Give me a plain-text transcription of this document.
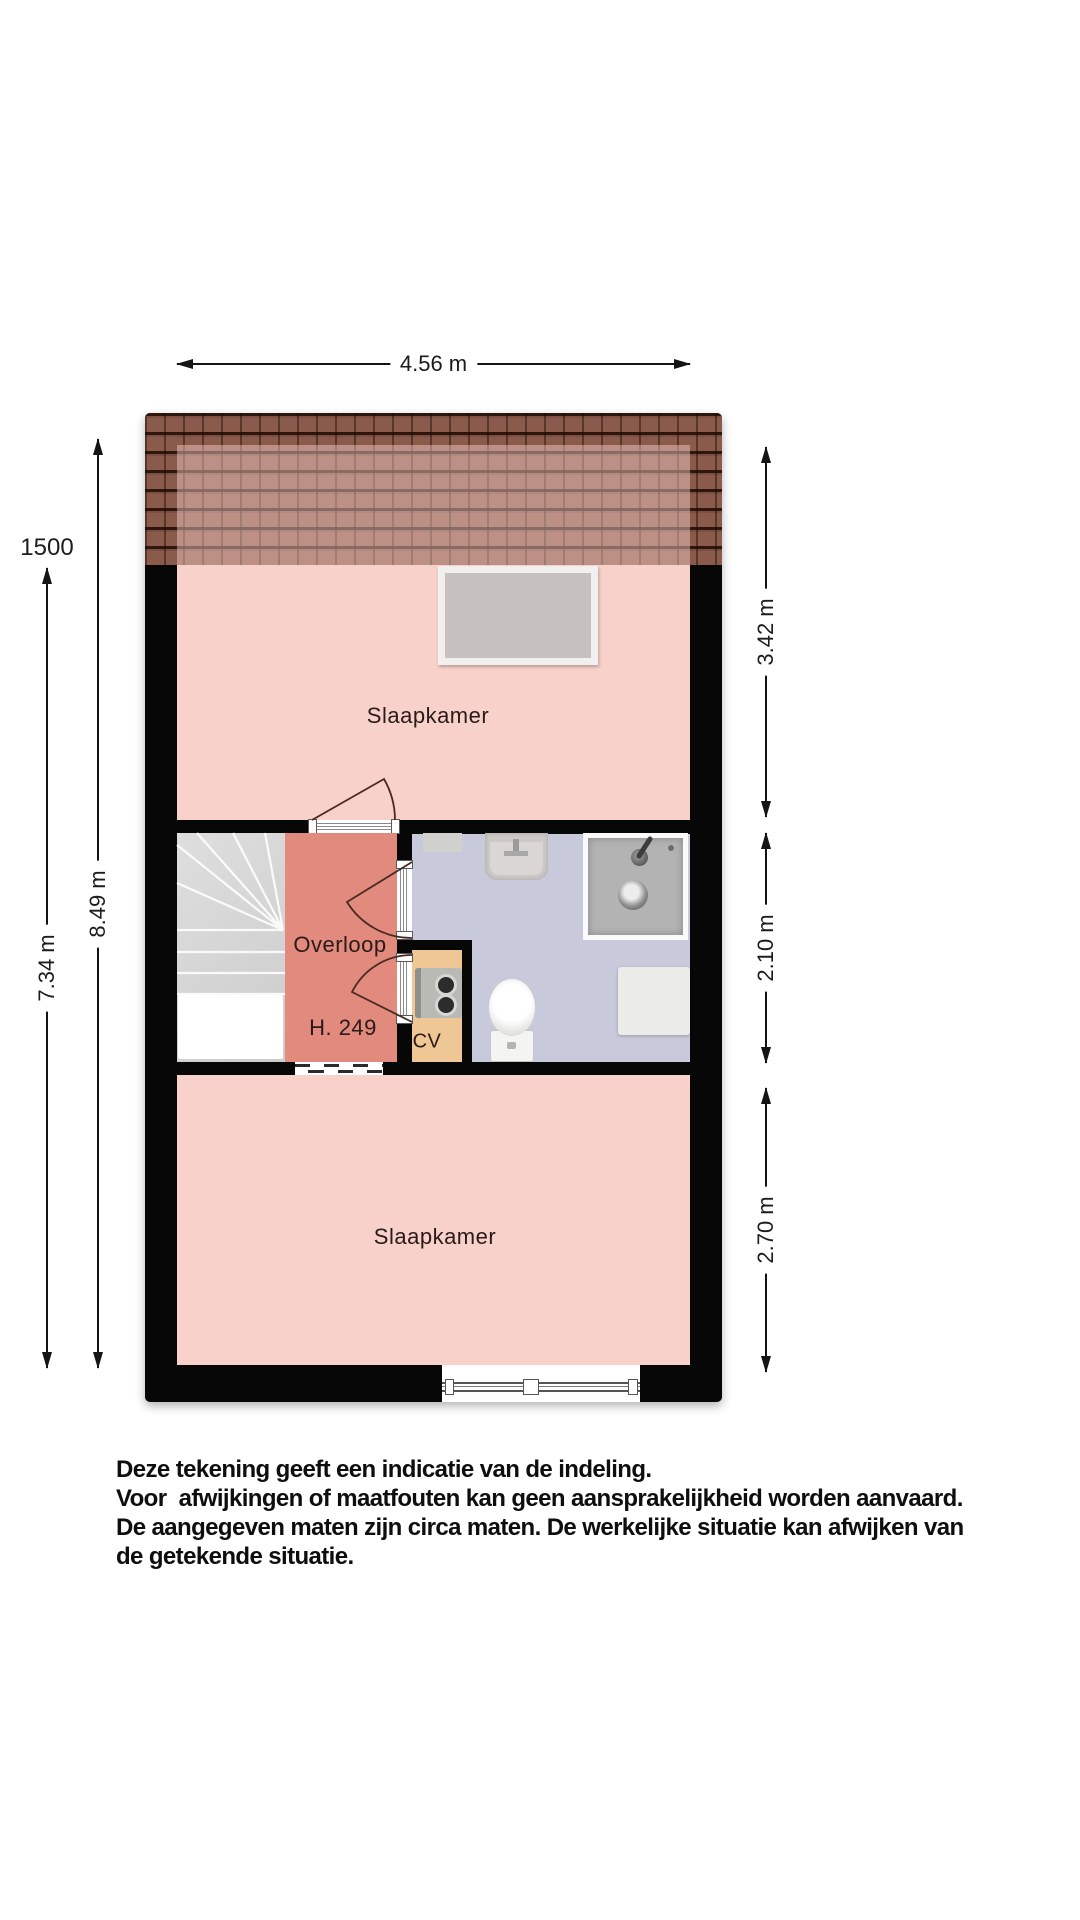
4.56 m
1500
7.34 m
8.49 m
3.42 m
2.10 m
2.70 m
Slaapkamer
Overloop
H. 249
CV
Slaapkamer
Deze tekening geeft een indicatie van de indeling.
Voor  afwijkingen of maatfouten kan geen aansprakelijkheid worden aanvaard.
De aangegeven maten zijn circa maten. De werkelijke situatie kan afwijken van
de getekende situatie.
